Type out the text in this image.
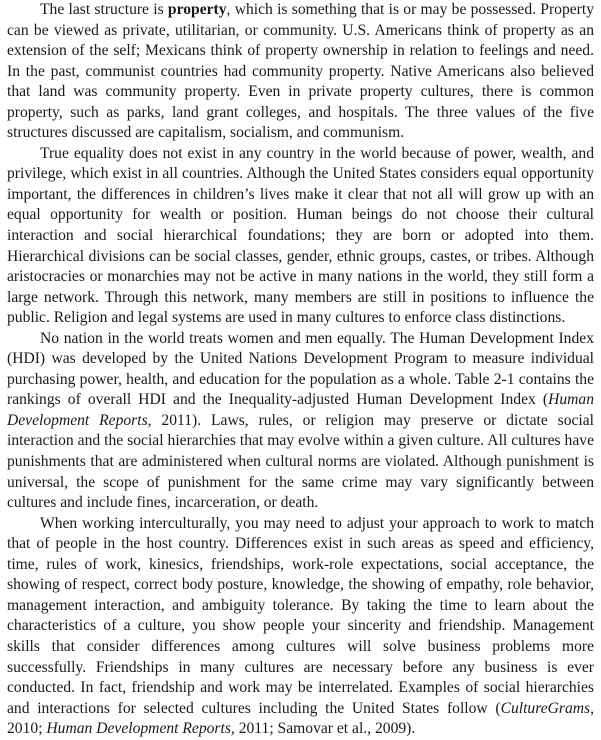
The last structure is property, which is something that is or may be possessed. Property can be viewed as private, utilitarian, or community. U.S. Americans think of property as an extension of the self; Mexicans think of property ownership in relation to feelings and need. In the past, communist countries had community property. Native Americans also believed that land was community property. Even in private property cultures, there is common property, such as parks, land grant colleges, and hospitals. The three values of the five structures discussed are capitalism, socialism, and communism.

True equality does not exist in any country in the world because of power, wealth, and privilege, which exist in all countries. Although the United States considers equal opportunity important, the differences in children’s lives make it clear that not all will grow up with an equal opportunity for wealth or position. Human beings do not choose their cultural interaction and social hierarchical foundations; they are born or adopted into them. Hierarchical divisions can be social classes, gender, ethnic groups, castes, or tribes. Although aristocracies or monarchies may not be active in many nations in the world, they still form a large network. Through this network, many members are still in positions to influence the public. Religion and legal systems are used in many cultures to enforce class distinctions.

No nation in the world treats women and men equally. The Human Development Index (HDI) was developed by the United Nations Development Program to measure individual purchasing power, health, and education for the population as a whole. Table 2-1 contains the rankings of overall HDI and the Inequality-adjusted Human Development Index (Human Development Reports, 2011). Laws, rules, or religion may preserve or dictate social interaction and the social hierarchies that may evolve within a given culture. All cultures have punishments that are administered when cultural norms are violated. Although punishment is universal, the scope of punishment for the same crime may vary significantly between cultures and include fines, incarceration, or death.

When working interculturally, you may need to adjust your approach to work to match that of people in the host country. Differences exist in such areas as speed and efficiency, time, rules of work, kinesics, friendships, work-role expectations, social acceptance, the showing of respect, correct body posture, knowledge, the showing of empathy, role behavior, management interaction, and ambiguity tolerance. By taking the time to learn about the characteristics of a culture, you show people your sincerity and friendship. Management skills that consider differences among cultures will solve business problems more successfully. Friendships in many cultures are necessary before any business is ever conducted. In fact, friendship and work may be interrelated. Examples of social hierarchies and interactions for selected cultures including the United States follow (CultureGrams, 2010; Human Development Reports, 2011; Samovar et al., 2009).
